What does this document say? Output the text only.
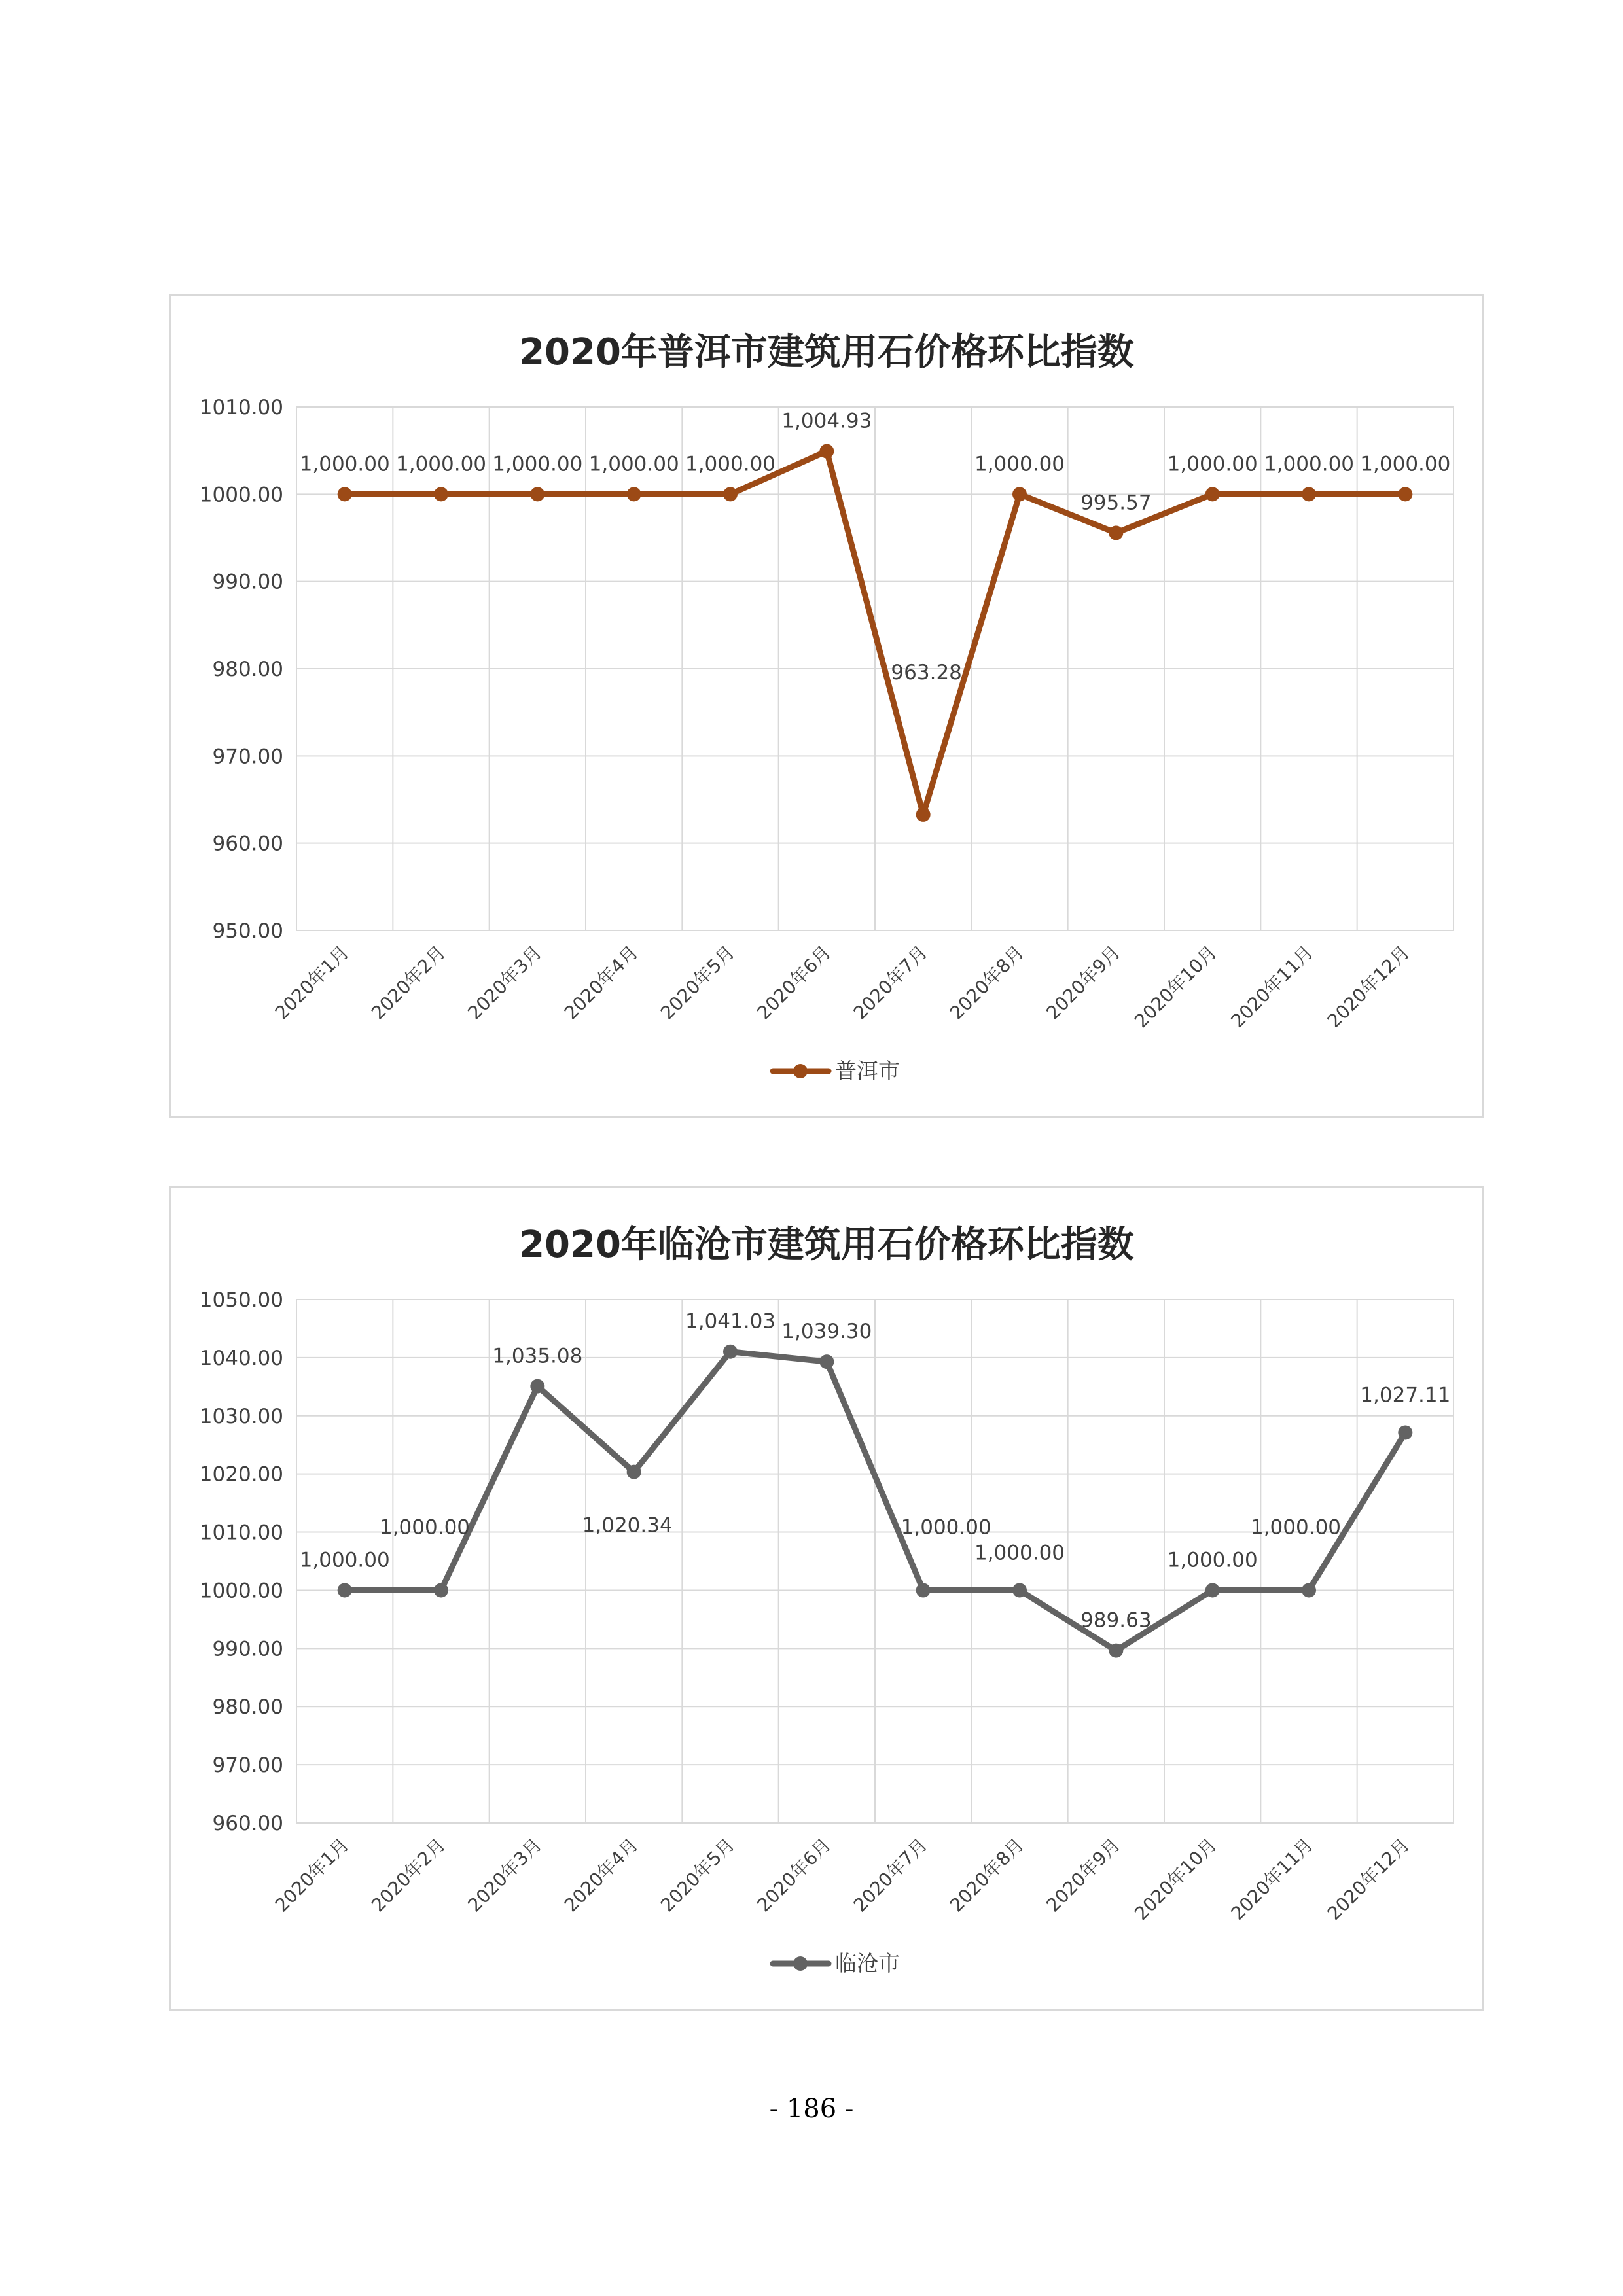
2020年普洱市建筑用石价格环比指数
950.00
960.00
970.00
980.00
990.00
1000.00
1010.00
2020年1月 2020年2月 2020年3月 2020年4月 2020年5月 2020年6月 2020年7月 2020年8月 2020年9月 2020年10月 2020年11月 2020年12月
1,000.00 1,000.00 1,000.00 1,000.00 1,000.00
1,004.93
963.28
1,000.00
995.57
1,000.00 1,000.00 1,000.00
普洱市
2020年临沧市建筑用石价格环比指数
960.00
970.00
980.00
990.00
1000.00
1010.00
1020.00
1030.00
1040.00
1050.00
2020年1月 2020年2月 2020年3月 2020年4月 2020年5月 2020年6月 2020年7月 2020年8月 2020年9月 2020年10月 2020年11月 2020年12月
1,000.00
1,000.00
1,035.08
1,020.34
1,041.03 1,039.30
1,000.00
1,000.00
989.63
1,000.00
1,000.00
1,027.11
临沧市
- 186 -
